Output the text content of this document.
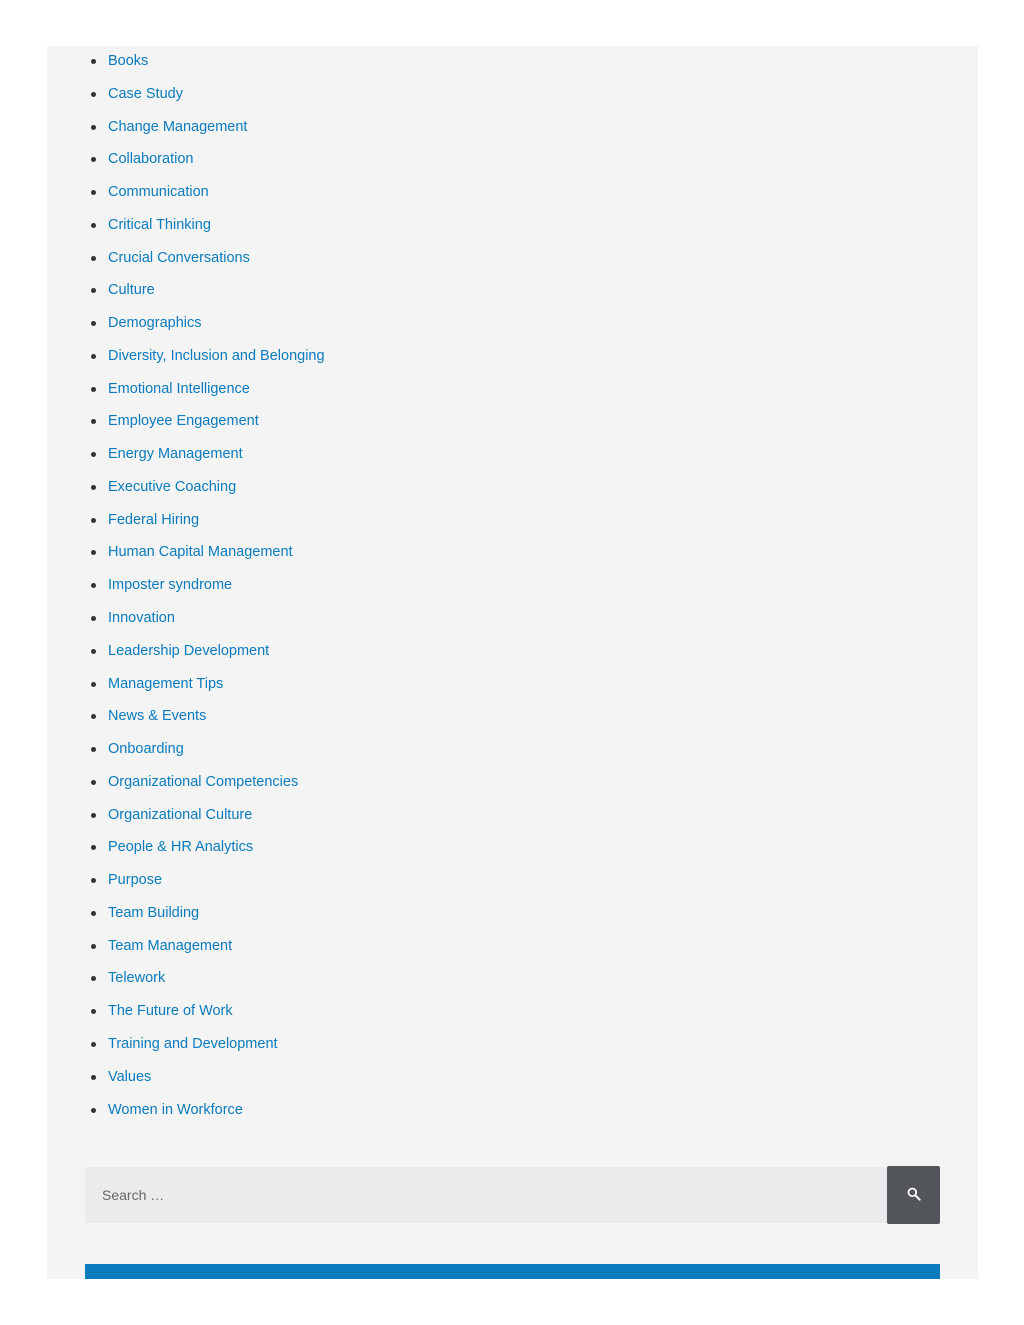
Books
Case Study
Change Management
Collaboration
Communication
Critical Thinking
Crucial Conversations
Culture
Demographics
Diversity, Inclusion and Belonging
Emotional Intelligence
Employee Engagement
Energy Management
Executive Coaching
Federal Hiring
Human Capital Management
Imposter syndrome
Innovation
Leadership Development
Management Tips
News & Events
Onboarding
Organizational Competencies
Organizational Culture
People & HR Analytics
Purpose
Team Building
Team Management
Telework
The Future of Work
Training and Development
Values
Women in Workforce
Search …
